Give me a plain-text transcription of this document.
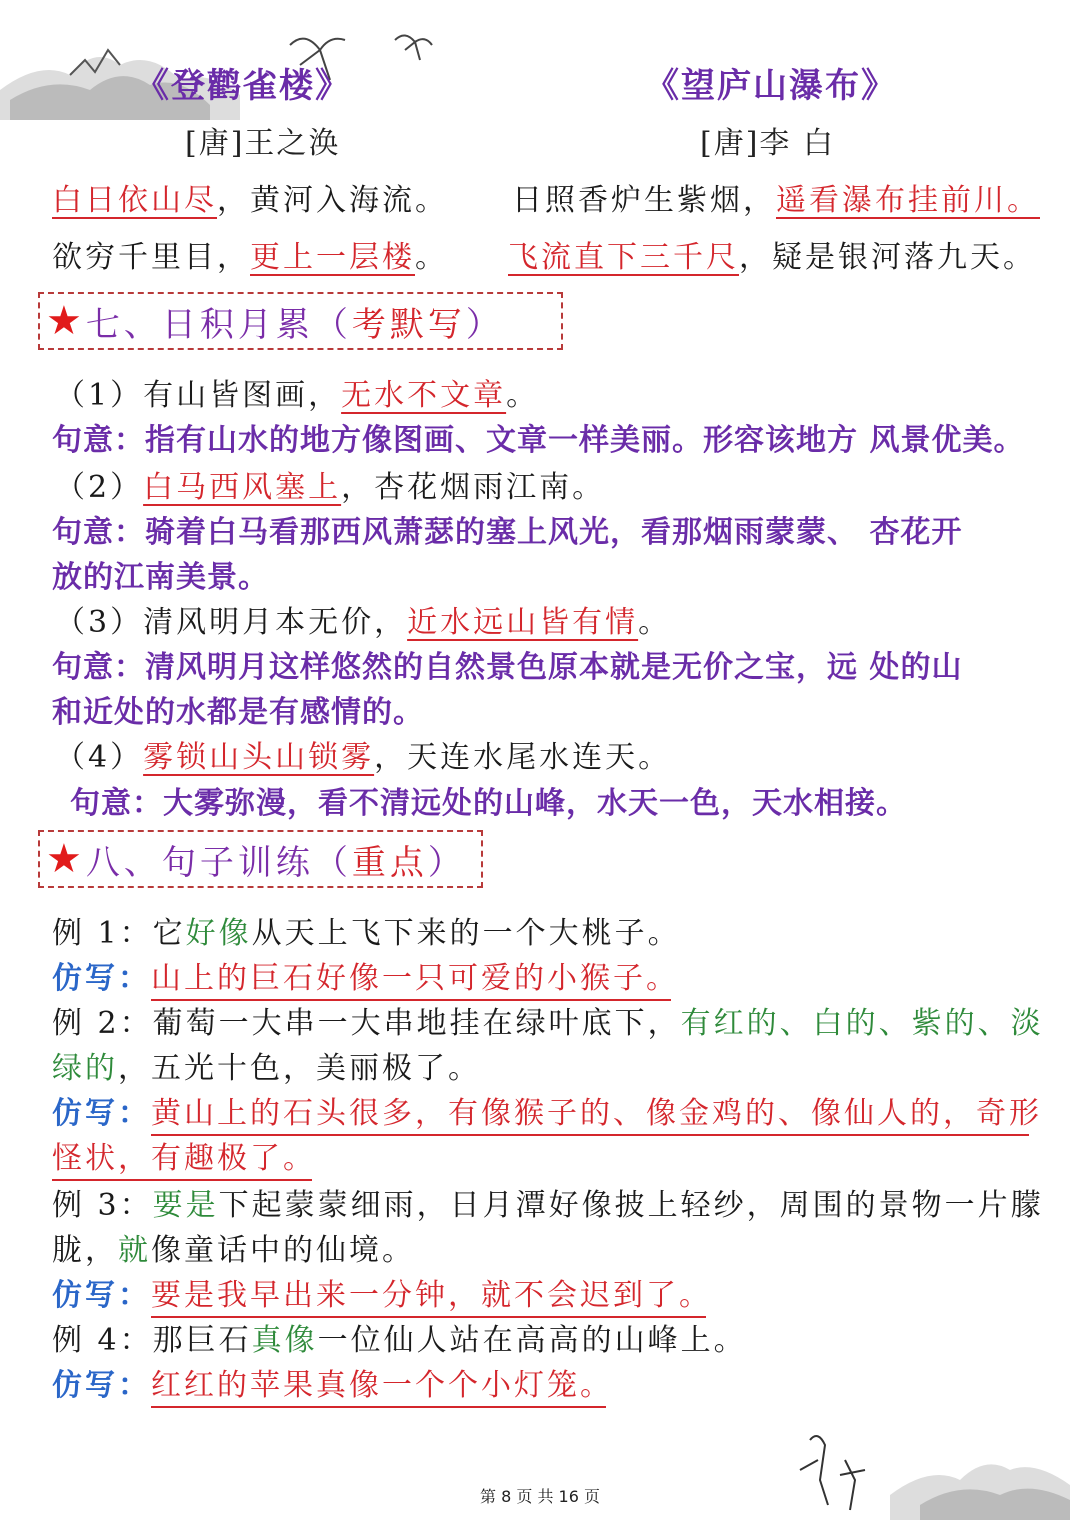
《登鹳雀楼》	《望庐山瀑布》
[唐]王之涣	[唐]李 白
白日依山尽，黄河入海流。
欲穷千里目，更上一层楼。
日照香炉生紫烟，遥看瀑布挂前川。
飞流直下三千尺，疑是银河落九天。
★ 七、日积月累（考默写）
（1）有山皆图画，无水不文章。
句意：指有山水的地方像图画、文章一样美丽。形容该地方 风景优美。
（2）白马西风塞上，杏花烟雨江南。
句意：骑着白马看那西风萧瑟的塞上风光，看那烟雨蒙蒙、 杏花开
放的江南美景。
（3）清风明月本无价，近水远山皆有情。
句意：清风明月这样悠然的自然景色原本就是无价之宝，远 处的山
和近处的水都是有感情的。
（4）雾锁山头山锁雾，天连水尾水连天。
句意：大雾弥漫，看不清远处的山峰，水天一色，天水相接。
★ 八、句子训练（重点）
例 1：它好像从天上飞下来的一个大桃子。
仿写：山上的巨石好像一只可爱的小猴子。
例 2：葡萄一大串一大串地挂在绿叶底下，有红的、白的、紫的、淡
绿的，五光十色，美丽极了。
仿写：黄山上的石头很多，有像猴子的、像金鸡的、像仙人的，奇形
怪状，有趣极了。
例 3：要是下起蒙蒙细雨，日月潭好像披上轻纱，周围的景物一片朦
胧，就像童话中的仙境。
仿写：要是我早出来一分钟，就不会迟到了。
例 4：那巨石真像一位仙人站在高高的山峰上。
仿写：红红的苹果真像一个个小灯笼。
第 8 页 共 16 页
